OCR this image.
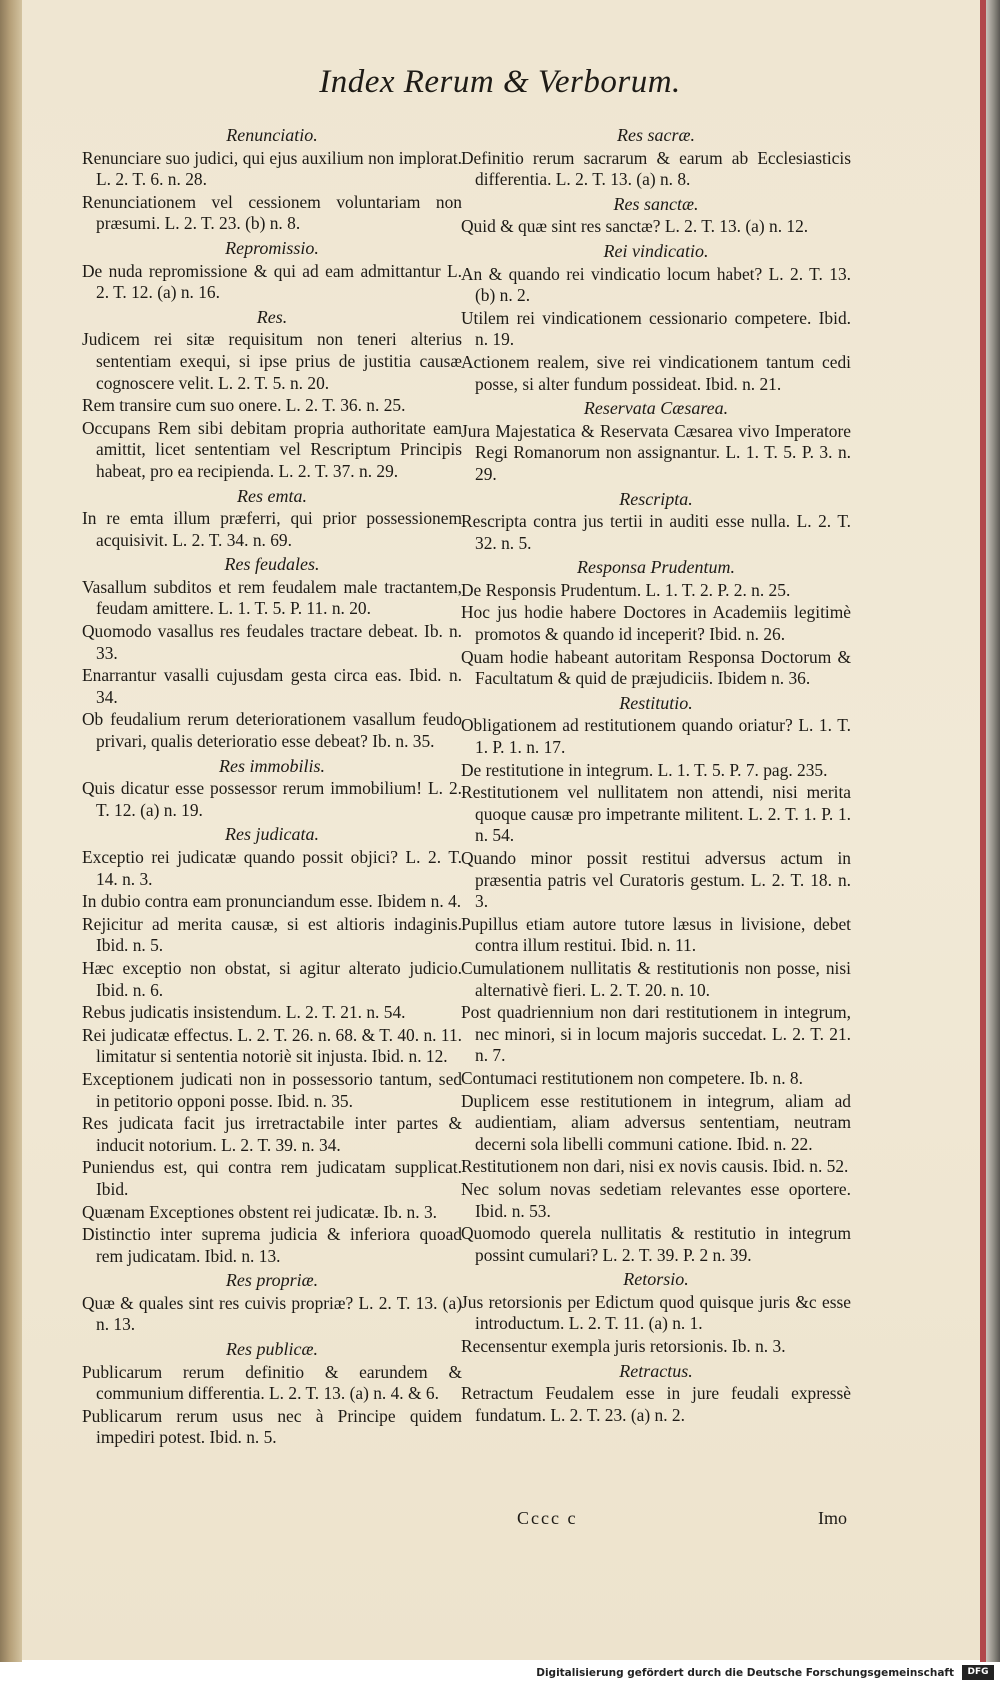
Index Rerum & Verborum.
Renunciatio.
Renunciare suo judici, qui ejus auxilium non implorat. L. 2. T. 6. n. 28.
Renunciationem vel cessionem voluntariam non præsumi. L. 2. T. 23. (b) n. 8.
Repromissio.
De nuda repromissione & qui ad eam admittantur L. 2. T. 12. (a) n. 16.
Res.
Judicem rei sitæ requisitum non teneri alterius sententiam exequi, si ipse prius de justitia causæ cognoscere velit. L. 2. T. 5. n. 20.
Rem transire cum suo onere. L. 2. T. 36. n. 25.
Occupans Rem sibi debitam propria authoritate eam amittit, licet sententiam vel Rescriptum Principis habeat, pro ea recipienda. L. 2. T. 37. n. 29.
Res emta.
In re emta illum præferri, qui prior possessionem acquisivit. L. 2. T. 34. n. 69.
Res feudales.
Vasallum subditos et rem feudalem male tractantem, feudam amittere. L. 1. T. 5. P. 11. n. 20.
Quomodo vasallus res feudales tractare debeat. Ib. n. 33.
Enarrantur vasalli cujusdam gesta circa eas. Ibid. n. 34.
Ob feudalium rerum deteriorationem vasallum feudo privari, qualis deterioratio esse debeat? Ib. n. 35.
Res immobilis.
Quis dicatur esse possessor rerum immobilium! L. 2. T. 12. (a) n. 19.
Res judicata.
Exceptio rei judicatæ quando possit objici? L. 2. T. 14. n. 3.
In dubio contra eam pronunciandum esse. Ibidem n. 4.
Rejicitur ad merita causæ, si est altioris indaginis. Ibid. n. 5.
Hæc exceptio non obstat, si agitur alterato judicio. Ibid. n. 6.
Rebus judicatis insistendum. L. 2. T. 21. n. 54.
Rei judicatæ effectus. L. 2. T. 26. n. 68. & T. 40. n. 11. limitatur si sententia notoriè sit injusta. Ibid. n. 12.
Exceptionem judicati non in possessorio tantum, sed in petitorio opponi posse. Ibid. n. 35.
Res judicata facit jus irretractabile inter partes & inducit notorium. L. 2. T. 39. n. 34.
Puniendus est, qui contra rem judicatam supplicat. Ibid.
Quænam Exceptiones obstent rei judicatæ. Ib. n. 3.
Distinctio inter suprema judicia & inferiora quoad rem judicatam. Ibid. n. 13.
Res propriæ.
Quæ & quales sint res cuivis propriæ? L. 2. T. 13. (a) n. 13.
Res publicæ.
Publicarum rerum definitio & earundem & communium differentia. L. 2. T. 13. (a) n. 4. & 6.
Publicarum rerum usus nec à Principe quidem impediri potest. Ibid. n. 5.
Res sacræ.
Definitio rerum sacrarum & earum ab Ecclesiasticis differentia. L. 2. T. 13. (a) n. 8.
Res sanctæ.
Quid & quæ sint res sanctæ? L. 2. T. 13. (a) n. 12.
Rei vindicatio.
An & quando rei vindicatio locum habet? L. 2. T. 13. (b) n. 2.
Utilem rei vindicationem cessionario competere. Ibid. n. 19.
Actionem realem, sive rei vindicationem tantum cedi posse, si alter fundum possideat. Ibid. n. 21.
Reservata Cæsarea.
Jura Majestatica & Reservata Cæsarea vivo Imperatore Regi Romanorum non assignantur. L. 1. T. 5. P. 3. n. 29.
Rescripta.
Rescripta contra jus tertii in auditi esse nulla. L. 2. T. 32. n. 5.
Responsa Prudentum.
De Responsis Prudentum. L. 1. T. 2. P. 2. n. 25.
Hoc jus hodie habere Doctores in Academiis legitimè promotos & quando id inceperit? Ibid. n. 26.
Quam hodie habeant autoritam Responsa Doctorum & Facultatum & quid de præjudiciis. Ibidem n. 36.
Restitutio.
Obligationem ad restitutionem quando oriatur? L. 1. T. 1. P. 1. n. 17.
De restitutione in integrum. L. 1. T. 5. P. 7. pag. 235.
Restitutionem vel nullitatem non attendi, nisi merita quoque causæ pro impetrante militent. L. 2. T. 1. P. 1. n. 54.
Quando minor possit restitui adversus actum in præsentia patris vel Curatoris gestum. L. 2. T. 18. n. 3.
Pupillus etiam autore tutore læsus in livisione, debet contra illum restitui. Ibid. n. 11.
Cumulationem nullitatis & restitutionis non posse, nisi alternativè fieri. L. 2. T. 20. n. 10.
Post quadriennium non dari restitutionem in integrum, nec minori, si in locum majoris succedat. L. 2. T. 21. n. 7.
Contumaci restitutionem non competere. Ib. n. 8.
Duplicem esse restitutionem in integrum, aliam ad audientiam, aliam adversus sententiam, neutram decerni sola libelli communi catione. Ibid. n. 22.
Restitutionem non dari, nisi ex novis causis. Ibid. n. 52.
Nec solum novas sedetiam relevantes esse oportere. Ibid. n. 53.
Quomodo querela nullitatis & restitutio in integrum possint cumulari? L. 2. T. 39. P. 2 n. 39.
Retorsio.
Jus retorsionis per Edictum quod quisque juris &c esse introductum. L. 2. T. 11. (a) n. 1.
Recensentur exempla juris retorsionis. Ib. n. 3.
Retractus.
Retractum Feudalem esse in jure feudali expressè fundatum. L. 2. T. 23. (a) n. 2.
Cccc c	Imo
Digitalisierung gefördert durch die Deutsche Forschungsgemeinschaft	DFG
